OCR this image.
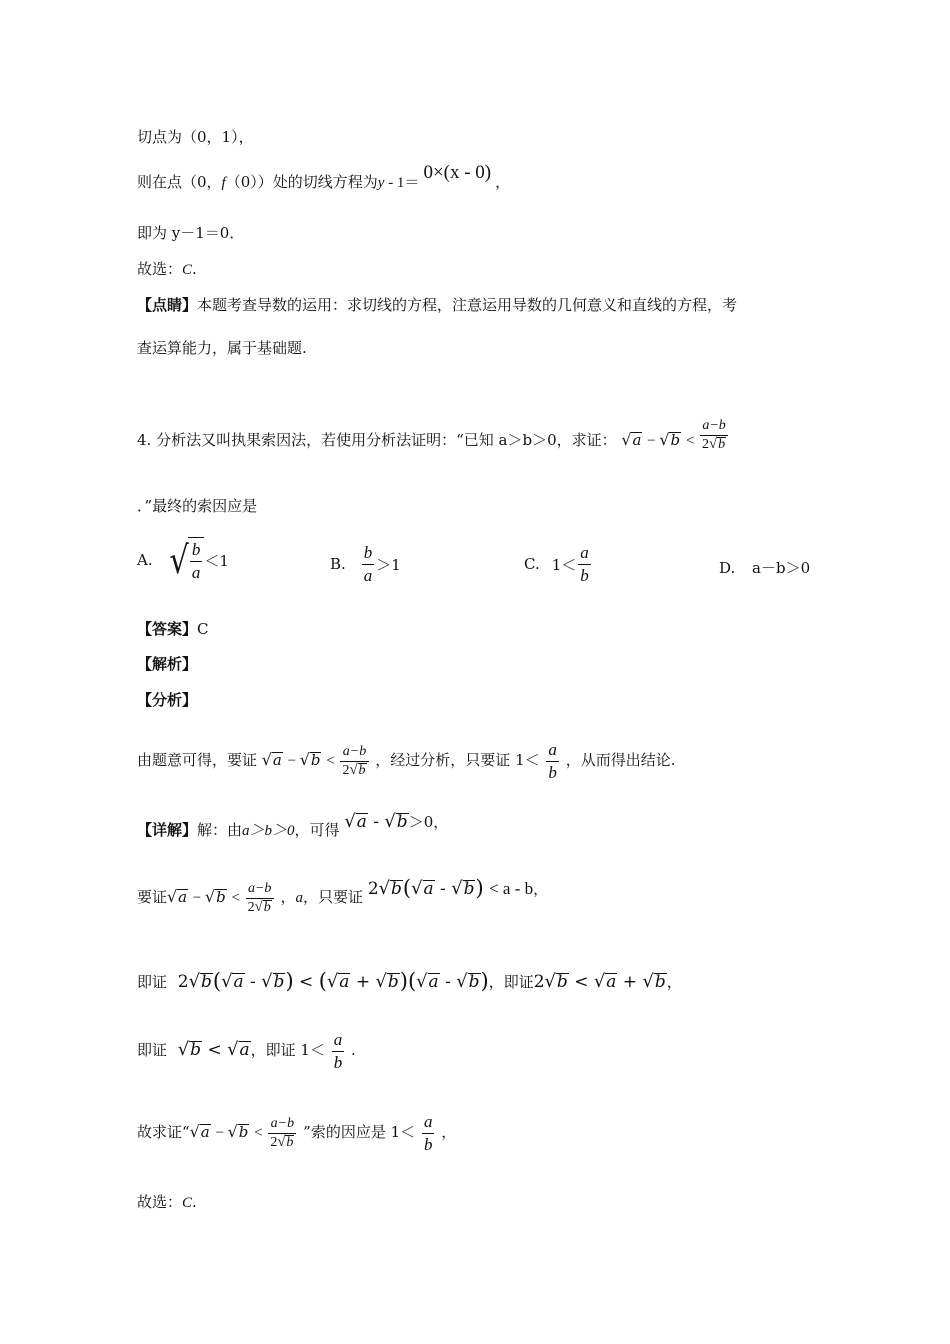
切点为（0，1），
则在点（0，f（0））处的切线方程为y - 1＝ 0×(x - 0) ，
即为 y－1＝0．
故选：C.
【点睛】本题考查导数的运用：求切线的方程，注意运用导数的几何意义和直线的方程，考
查运算能力，属于基础题.
4. 分析法又叫执果索因法，若使用分析法证明：“已知 a＞b＞0，求证： √ a − √ $b < \frac{a-b}{2 √ b}$
．”最终的索因应是
A. √ $\frac{b}{a} <1$	B. $\frac{b}{a} >1$	C. $1< \frac{a}{b}$	D. a－b＞0
【答案】C
【解析】
【分析】
由题意可得，要证 √ a − √ $b < \frac{a-b}{2 √ b}$ ，经过分析，只要证 $1< \frac{a}{b}$ ，从而得出结论.
【详解】解：由a＞b＞0，可得 √ a - √ b ＞0，
要证 √ a − √ $b < \frac{a-b}{2 √ b}$ ，a，只要证 2 √ b ( √ a - √ b ) < a - b，
即证 2 √ b ( √ a - √ b ) < ( √ a + √ b )( √ a - √ b )，即证2 √ b < √ a + √ b ，
即证 √ b < √ a ，即证 $1< \frac{a}{b}$ .
故求证“ √ a − √ $b < \frac{a-b}{2 √ b}$ ”索的因应是 $1< \frac{a}{b}$ ，
故选：C.
